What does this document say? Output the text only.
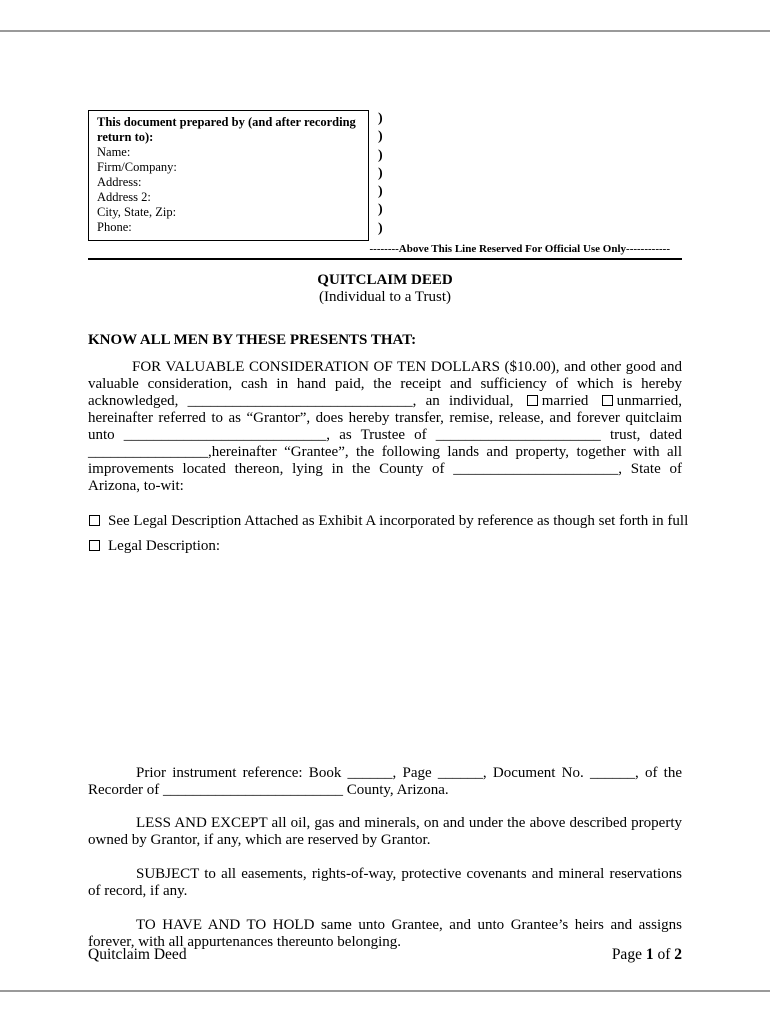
This document prepared by (and after recording return to):
Name:
Firm/Company:
Address:
Address 2:
City, State, Zip:
Phone:
)
)
)
)
)
)
)
--------Above This Line Reserved For Official Use Only------------
QUITCLAIM DEED
(Individual to a Trust)
KNOW ALL MEN BY THESE PRESENTS THAT:

FOR VALUABLE CONSIDERATION OF TEN DOLLARS ($10.00), and other good and valuable consideration, cash in hand paid, the receipt and sufficiency of which is hereby acknowledged, ______________________________, an individual, married unmarried, hereinafter referred to as “Grantor”, does hereby transfer, remise, release, and forever quitclaim unto ___________________________, as Trustee of ______________________ trust, dated ________________,hereinafter “Grantee”, the following lands and property, together with all improvements located thereon, lying in the County of ______________________, State of Arizona, to-wit:

See Legal Description Attached as Exhibit A incorporated by reference as though set forth in full
Legal Description:

Prior instrument reference: Book ______, Page ______, Document No. ______, of the Recorder of ________________________ County, Arizona.

LESS AND EXCEPT all oil, gas and minerals, on and under the above described property owned by Grantor, if any, which are reserved by Grantor.

SUBJECT to all easements, rights-of-way, protective covenants and mineral reservations of record, if any.

TO HAVE AND TO HOLD same unto Grantee, and unto Grantee’s heirs and assigns forever, with all appurtenances thereunto belonging.

Quitclaim Deed	Page 1 of 2
